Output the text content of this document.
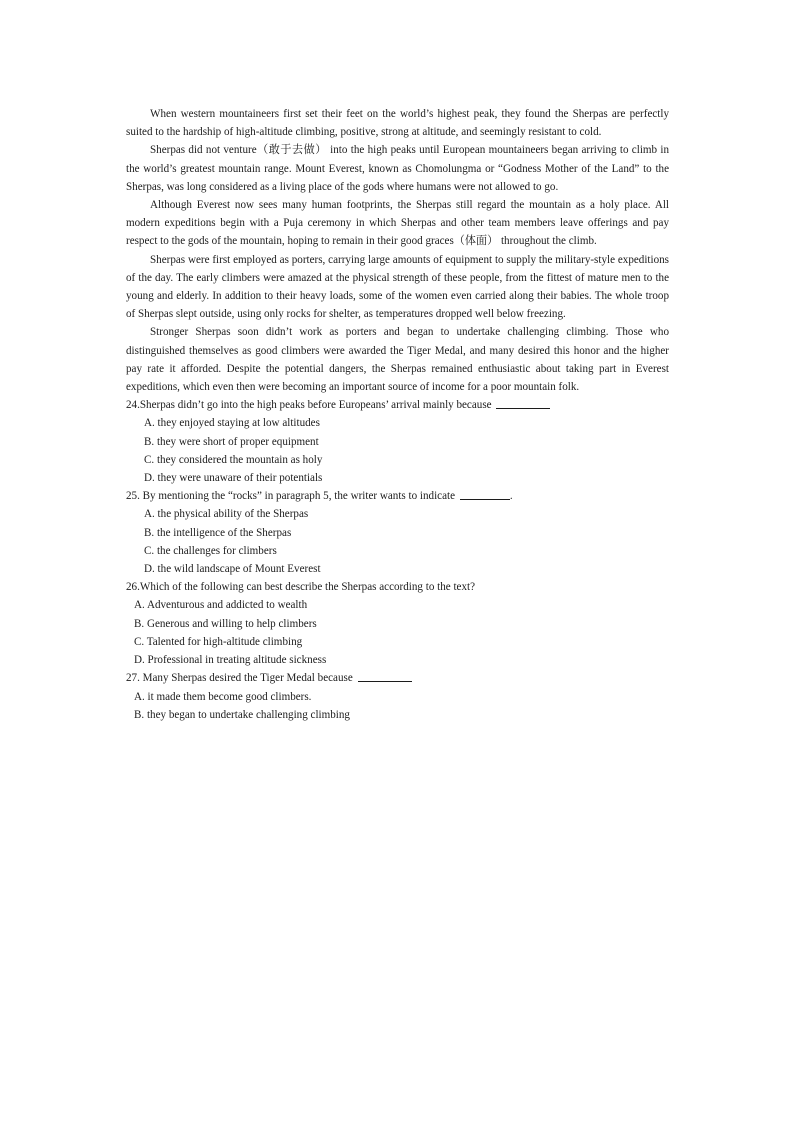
When western mountaineers first set their feet on the world’s highest peak, they found the Sherpas are perfectly suited to the hardship of high-altitude climbing, positive, strong at altitude, and seemingly resistant to cold.

Sherpas did not venture（敢于去做） into the high peaks until European mountaineers began arriving to climb in the world’s greatest mountain range. Mount Everest, known as Chomolungma or “Godness Mother of the Land” to the Sherpas, was long considered as a living place of the gods where humans were not allowed to go.

Although Everest now sees many human footprints, the Sherpas still regard the mountain as a holy place. All modern expeditions begin with a Puja ceremony in which Sherpas and other team members leave offerings and pay respect to the gods of the mountain, hoping to remain in their good graces（体面） throughout the climb.

Sherpas were first employed as porters, carrying large amounts of equipment to supply the military-style expeditions of the day. The early climbers were amazed at the physical strength of these people, from the fittest of mature men to the young and elderly. In addition to their heavy loads, some of the women even carried along their babies. The whole troop of Sherpas slept outside, using only rocks for shelter, as temperatures dropped well below freezing.

Stronger Sherpas soon didn’t work as porters and began to undertake challenging climbing. Those who distinguished themselves as good climbers were awarded the Tiger Medal, and many desired this honor and the higher pay rate it afforded. Despite the potential dangers, the Sherpas remained enthusiastic about taking part in Everest expeditions, which even then were becoming an important source of income for a poor mountain folk.

24.Sherpas didn’t go into the high peaks before Europeans’ arrival mainly because

A. they enjoyed staying at low altitudes

B. they were short of proper equipment

C. they considered the mountain as holy

D. they were unaware of their potentials

25. By mentioning the “rocks” in paragraph 5, the writer wants to indicate	.

A. the physical ability of the Sherpas

B. the intelligence of the Sherpas

C. the challenges for climbers

D. the wild landscape of Mount Everest

26.Which of the following can best describe the Sherpas according to the text?

A. Adventurous and addicted to wealth

B. Generous and willing to help climbers

C. Talented for high-altitude climbing

D. Professional in treating altitude sickness

27. Many Sherpas desired the Tiger Medal because

A. it made them become good climbers.

B. they began to undertake challenging climbing
